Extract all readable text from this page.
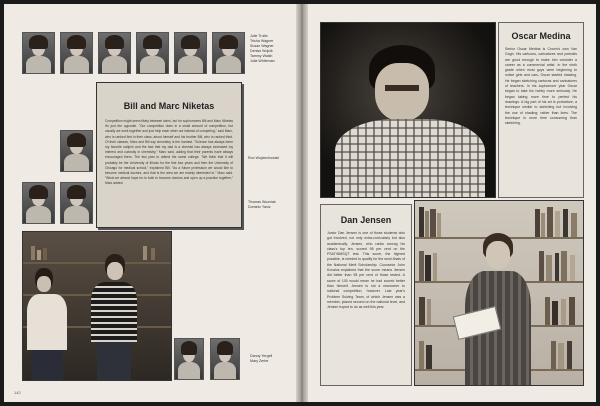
Julie Trubb
Trisha Wagner
Susan Wagner
Denise Wojcik
Tammy Walsh
Julia Whiteman
Bill and Marc Niketas
Competition might seem likely between twins, but for sophomores Bill and Marc Niketas it's just the opposite. "Our competition does in a small amount of competition, but usually we work together and just help each other out instead of competing," said Marc, who is ranked first in their class, about himself and his brother Bill, who is ranked third. Of their classes, Marc and Bill say chemistry is the hardest. "Science has always been my favorite subject and the fact that my dad is a chemist has always increased my interest and curiosity in chemistry," Marc said, adding that their parents have always encouraged them. The two plan to attend the same college. "We think that it will probably be the University of Illinois for the first four years and then the University of Chicago for medical school," explained Bill. "As a future profession we would like to become medical doctors, and that is the area we are mainly interested in," Marc said. "What we almost hope for is both to become doctors and open up a practice together," Marc added.
Ron Wojciechowski
Thomas Wozniak
Dominic Yaniz
Danny Yergell
Mary Zerbe
142
Oscar Medina
Senior Oscar Medina is Crown's own Van Gogh. His cartoons, caricatures and portraits are good enough to make him consider a career as a commercial artist. In the ninth grade when most guys were beginning to notice girls and cars, Oscar started drawing. He began sketching cartoons and caricatures of teachers. In his sophomore year Oscar began to take his hobby more seriously. He began taking more time to perfect his drawings. A big part of his art is portraiture, a technique similar to sketching but involving the use of shading; rather than lines. The technique is more time consuming than sketching.
Dan Jensen
Junior Dan Jensen is one of those students who got involved, not only extra-curricularly but also academically. Jensen, who ranks among his class's top ten, scored 98 per cent on the PSAT/NMSQT test. This score, the highest possible, is needed to qualify for the semi-finals of the National Merit Scholarship. Counselor John Kovalus explained that the score means Jensen did better than 98 per cent of those tested. A score of 100 would mean he had scored better than himself. Jensen is not a newcomer to national competition, however. Last year's Problem Solving Team, of which Jensen was a member, placed second on the national level, and Jensen hoped to do as well this year.
